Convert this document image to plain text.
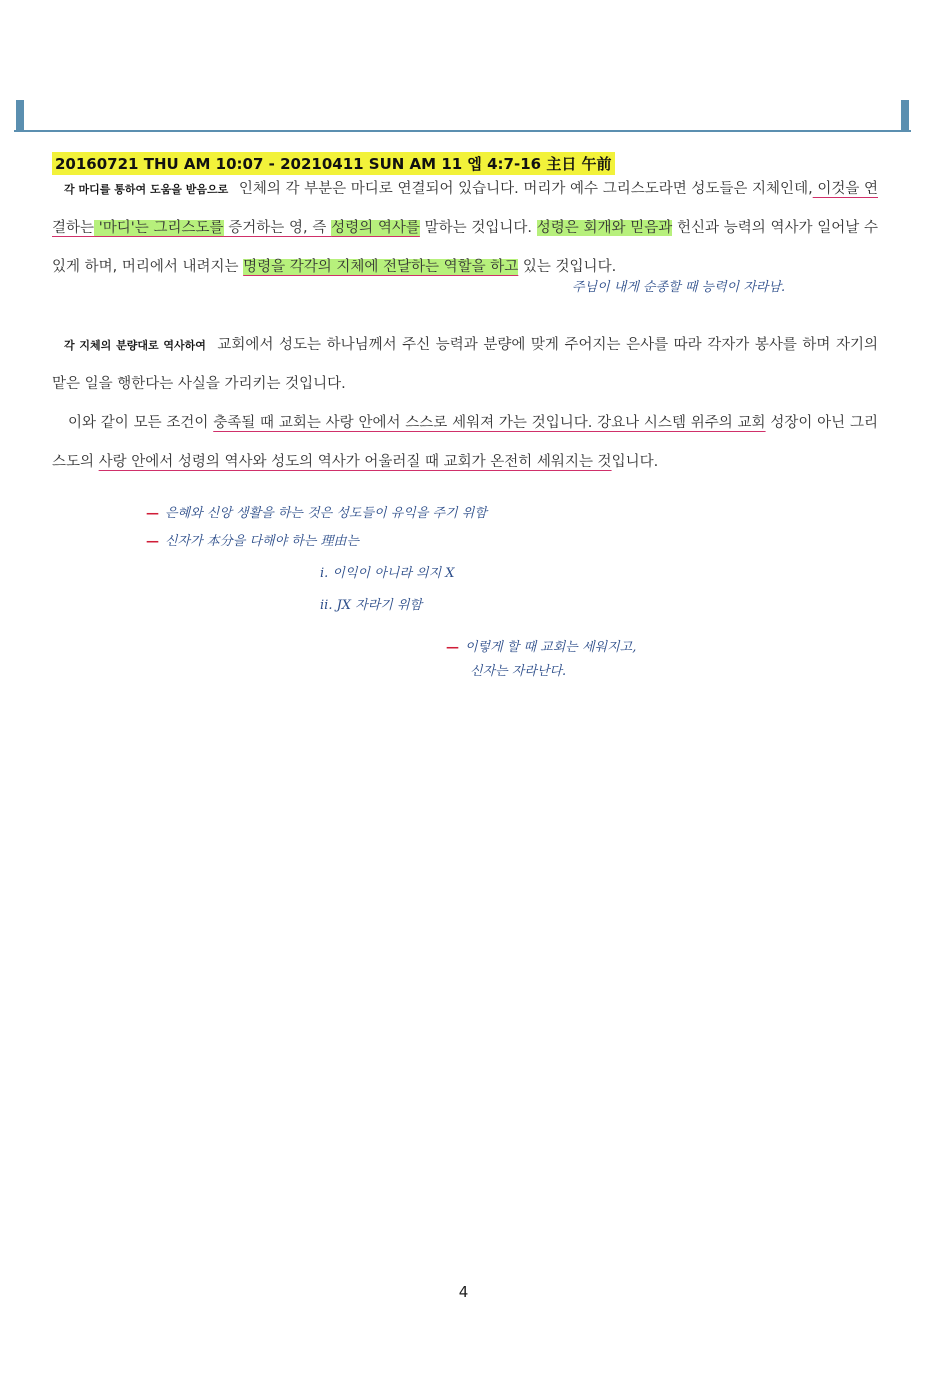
20160721 THU AM 10:07 - 20210411 SUN AM 11 엡 4:7-16 主日 午前
각 마디를 통하여 도움을 받음으로 인체의 각 부분은 마디로 연결되어 있습니다. 머리가 예수 그리스도라면 성도들은 지체인데, 이것을 연결하는 '마디'는 그리스도를 증거하는 영, 즉 성령의 역사를 말하는 것입니다. 성령은 회개와 믿음과 헌신과 능력의 역사가 일어날 수 있게 하며, 머리에서 내려지는 명령을 각각의 지체에 전달하는 역할을 하고 있는 것입니다.
주님이 내게 순종할 때 능력이 자라남.
각 지체의 분량대로 역사하여 교회에서 성도는 하나님께서 주신 능력과 분량에 맞게 주어지는 은사를 따라 각자가 봉사를 하며 자기의 맡은 일을 행한다는 사실을 가리키는 것입니다.
이와 같이 모든 조건이 충족될 때 교회는 사랑 안에서 스스로 세워져 가는 것입니다. 강요나 시스템 위주의 교회 성장이 아닌 그리스도의 사랑 안에서 성령의 역사와 성도의 역사가 어울러질 때 교회가 온전히 세워지는 것입니다.
— 은혜와 신앙 생활을 하는 것은 성도들이 유익을 주기 위함
— 신자가 本分을 다해야 하는 理由는
i. 이익이 아니라 의지 X
ii. JX 자라기 위함
— 이렇게 할 때 교회는 세워지고,
신자는 자라난다.
4
